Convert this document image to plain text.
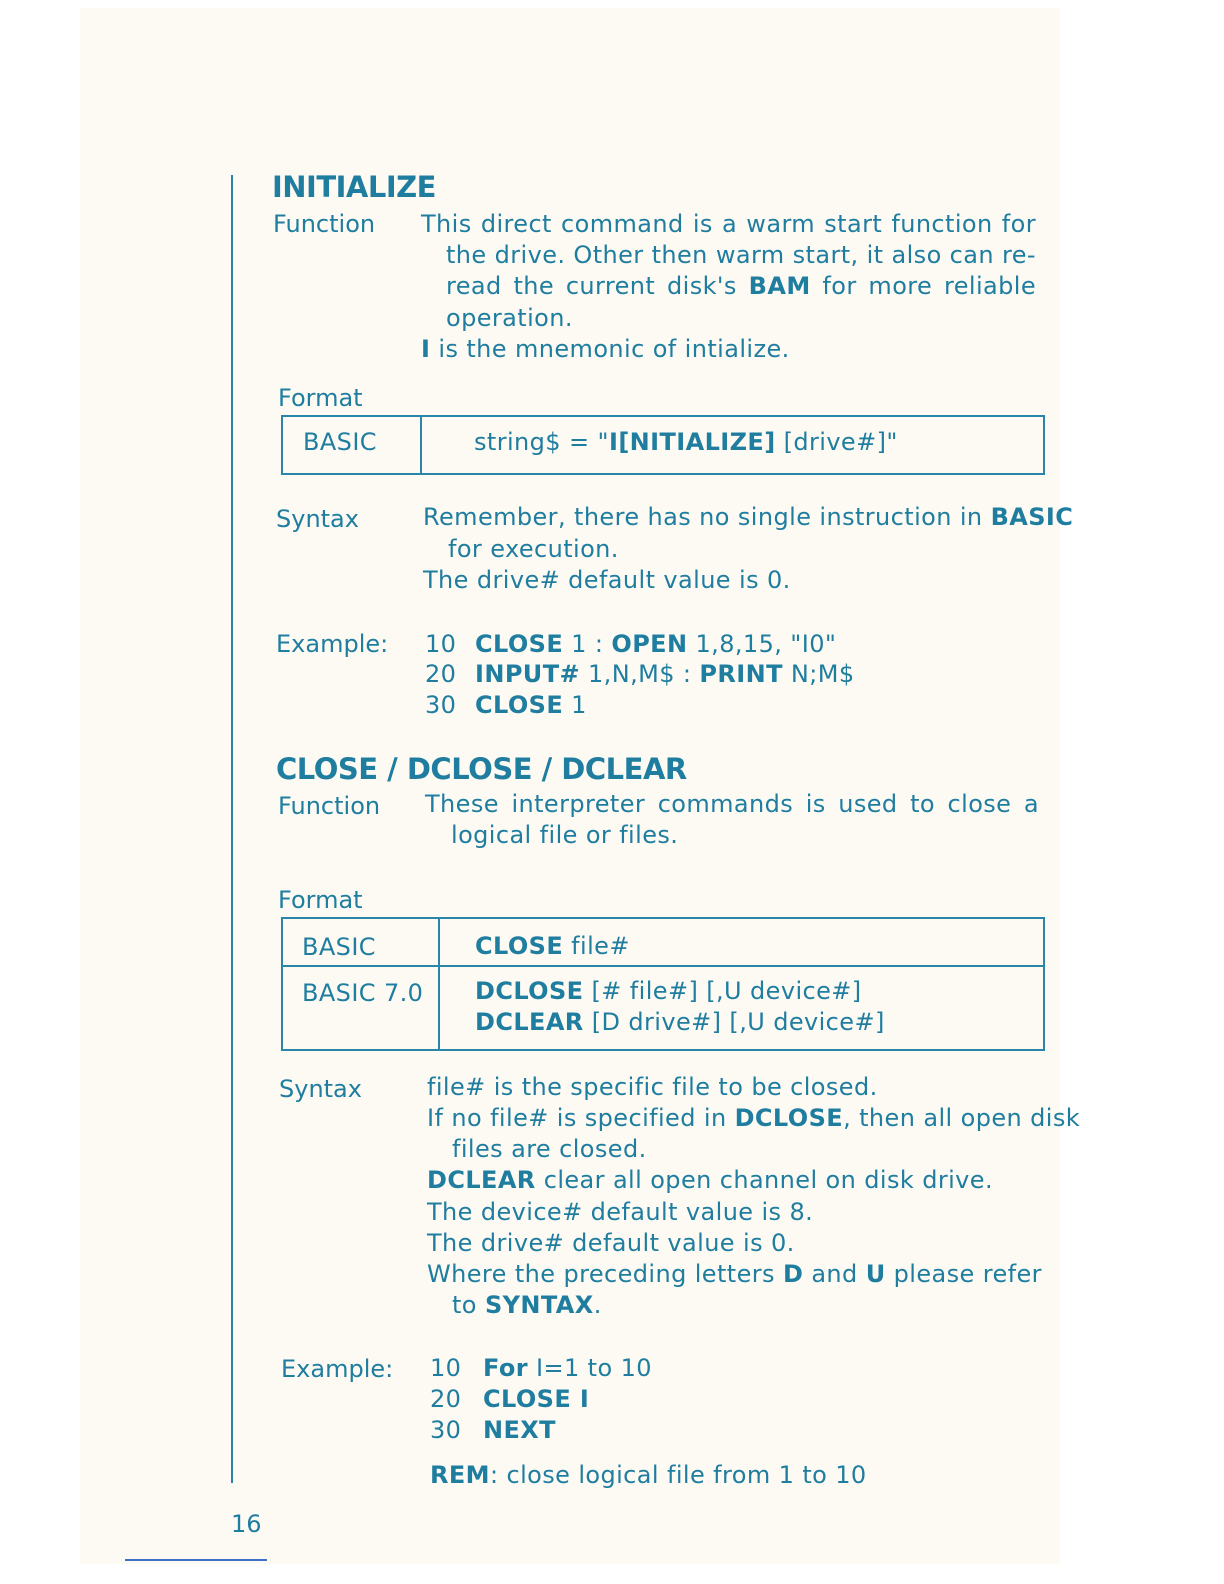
INITIALIZE
Function This direct command is a warm start function for
the drive. Other then warm start, it also can re-
read the current disk's BAM for more reliable
operation.
I is the mnemonic of intialize.
Format
BASIC	string$ = "I[NITIALIZE] [drive#]"
Syntax	Remember, there has no single instruction in BASIC
for execution.
The drive# default value is 0.
Example: 10 CLOSE 1 : OPEN 1,8,15, "I0"
20 INPUT# 1,N,M$ : PRINT N;M$
30 CLOSE 1
CLOSE / DCLOSE / DCLEAR
Function These interpreter commands is used to close a
logical file or files.
Format
BASIC	CLOSE file#
BASIC 7.0 DCLOSE [# file#] [,U device#]
DCLEAR [D drive#] [,U device#]
Syntax	file# is the specific file to be closed.
If no file# is specified in DCLOSE, then all open disk
files are closed.
DCLEAR clear all open channel on disk drive.
The device# default value is 8.
The drive# default value is 0.
Where the preceding letters D and U please refer
to SYNTAX.
Example: 10 For I=1 to 10
20 CLOSE I
30 NEXT
REM: close logical file from 1 to 10
16
